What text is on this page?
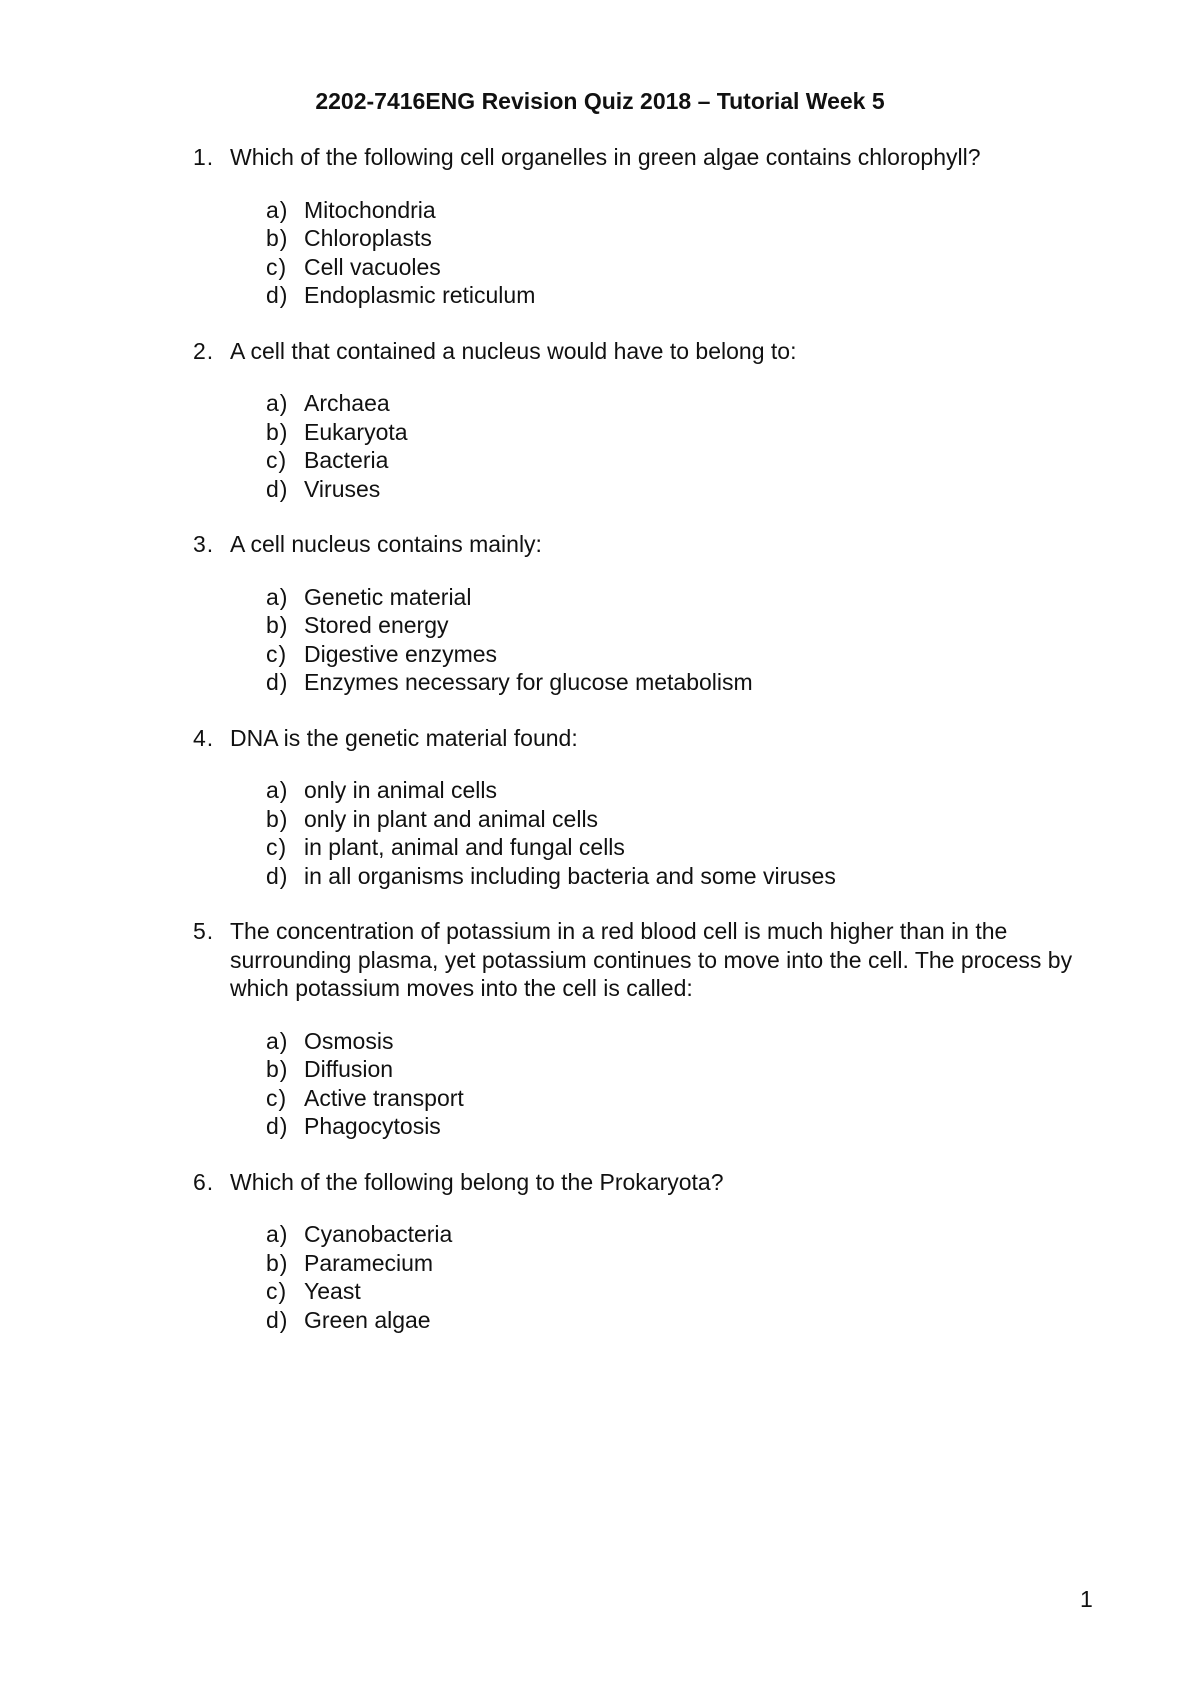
2202-7416ENG Revision Quiz 2018 – Tutorial Week 5
1. Which of the following cell organelles in green algae contains chlorophyll?
a) Mitochondria
b) Chloroplasts
c) Cell vacuoles
d) Endoplasmic reticulum
2. A cell that contained a nucleus would have to belong to:
a) Archaea
b) Eukaryota
c) Bacteria
d) Viruses
3. A cell nucleus contains mainly:
a) Genetic material
b) Stored energy
c) Digestive enzymes
d) Enzymes necessary for glucose metabolism
4. DNA is the genetic material found:
a) only in animal cells
b) only in plant and animal cells
c) in plant, animal and fungal cells
d) in all organisms including bacteria and some viruses
5. The concentration of potassium in a red blood cell is much higher than in the surrounding plasma, yet potassium continues to move into the cell. The process by which potassium moves into the cell is called:
a) Osmosis
b) Diffusion
c) Active transport
d) Phagocytosis
6. Which of the following belong to the Prokaryota?
a) Cyanobacteria
b) Paramecium
c) Yeast
d) Green algae
1
